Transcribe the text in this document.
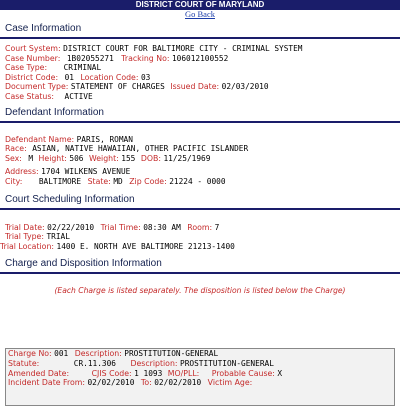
DISTRICT COURT OF MARYLAND
Go Back
Case Information
Court System: DISTRICT COURT FOR BALTIMORE CITY - CRIMINAL SYSTEM
Case Number: 1B02055271 Tracking No: 106012100552
Case Type: CRIMINAL
District Code: 01 Location Code: 03
Document Type: STATEMENT OF CHARGES Issued Date: 02/03/2010
Case Status: ACTIVE
Defendant Information
Defendant Name: PARIS, ROMAN
Race: ASIAN, NATIVE HAWAIIAN, OTHER PACIFIC ISLANDER
Sex: M Height: 506 Weight: 155 DOB: 11/25/1969
Address: 1704 WILKENS AVENUE
City: BALTIMORE State: MD Zip Code: 21224 - 0000
Court Scheduling Information
Trial Date: 02/22/2010 Trial Time: 08:30 AM Room: 7
Trial Type: TRIAL
Trial Location: 1400 E. NORTH AVE BALTIMORE 21213-1400
Charge and Disposition Information
(Each Charge is listed separately. The disposition is listed below the Charge)
Charge No: 001 Description: PROSTITUTION-GENERAL
Statute:	CR.11.306 Description: PROSTITUTION-GENERAL
Amended Date:	CJIS Code: 1 1093 MO/PLL: Probable Cause: X
Incident Date From: 02/02/2010 To: 02/02/2010 Victim Age:
